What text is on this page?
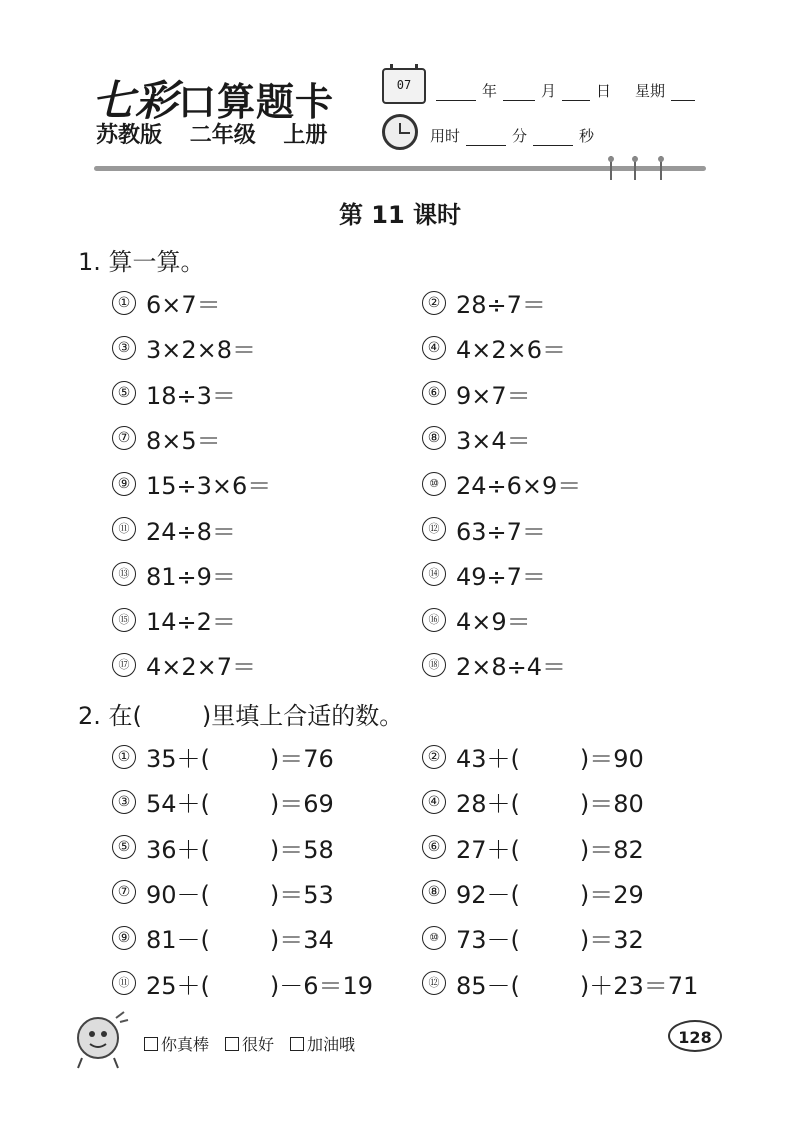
七彩口算题卡
苏教版 二年级 上册
07	年	月	日 星期
用时	分	秒
第 11 课时
1. 算一算。
① 6×7＝	② 28÷7＝
③ 3×2×8＝	④ 4×2×6＝
⑤ 18÷3＝	⑥ 9×7＝
⑦ 8×5＝	⑧ 3×4＝
⑨ 15÷3×6＝	⑩ 24÷6×9＝
⑪ 24÷8＝	⑫ 63÷7＝
⑬ 81÷9＝	⑭ 49÷7＝
⑮ 14÷2＝	⑯ 4×9＝
⑰ 4×2×7＝	⑱ 2×8÷4＝
2. 在(	)里填上合适的数。
① 35＋(	)＝76	② 43＋(	)＝90
③ 54＋(	)＝69	④ 28＋(	)＝80
⑤ 36＋(	)＝58	⑥ 27＋(	)＝82
⑦ 90－(	)＝53	⑧ 92－(	)＝29
⑨ 81－(	)＝34	⑩ 73－(	)＝32
⑪ 25＋(	)－6＝19	⑫ 85－(	)＋23＝71
你真棒 很好 加油哦	128
